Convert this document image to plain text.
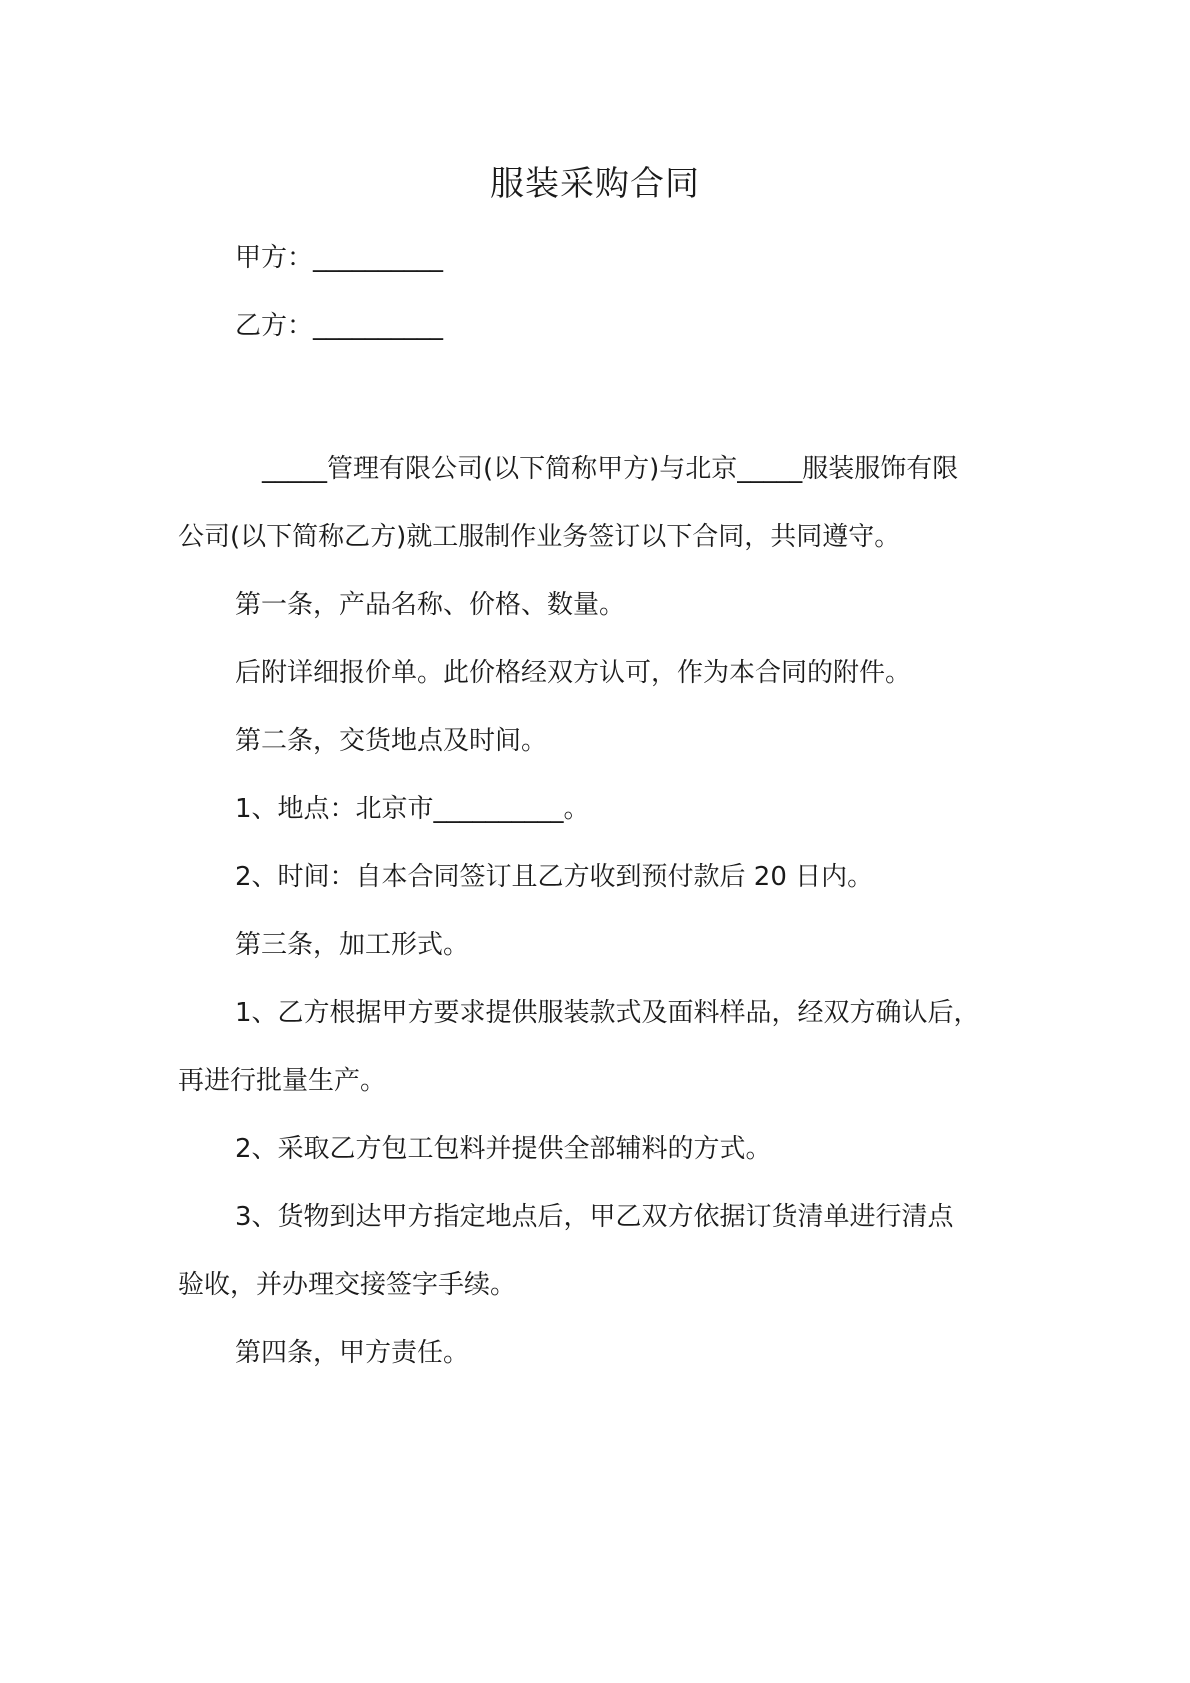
服装采购合同
甲方：__________
乙方：__________
_____管理有限公司(以下简称甲方)与北京_____服装服饰有限
公司(以下简称乙方)就工服制作业务签订以下合同，共同遵守。
第一条，产品名称、价格、数量。
后附详细报价单。此价格经双方认可，作为本合同的附件。
第二条，交货地点及时间。
1、地点：北京市__________。
2、时间：自本合同签订且乙方收到预付款后 20 日内。
第三条，加工形式。
1、乙方根据甲方要求提供服装款式及面料样品，经双方确认后，
再进行批量生产。
2、采取乙方包工包料并提供全部辅料的方式。
3、货物到达甲方指定地点后，甲乙双方依据订货清单进行清点
验收，并办理交接签字手续。
第四条，甲方责任。
